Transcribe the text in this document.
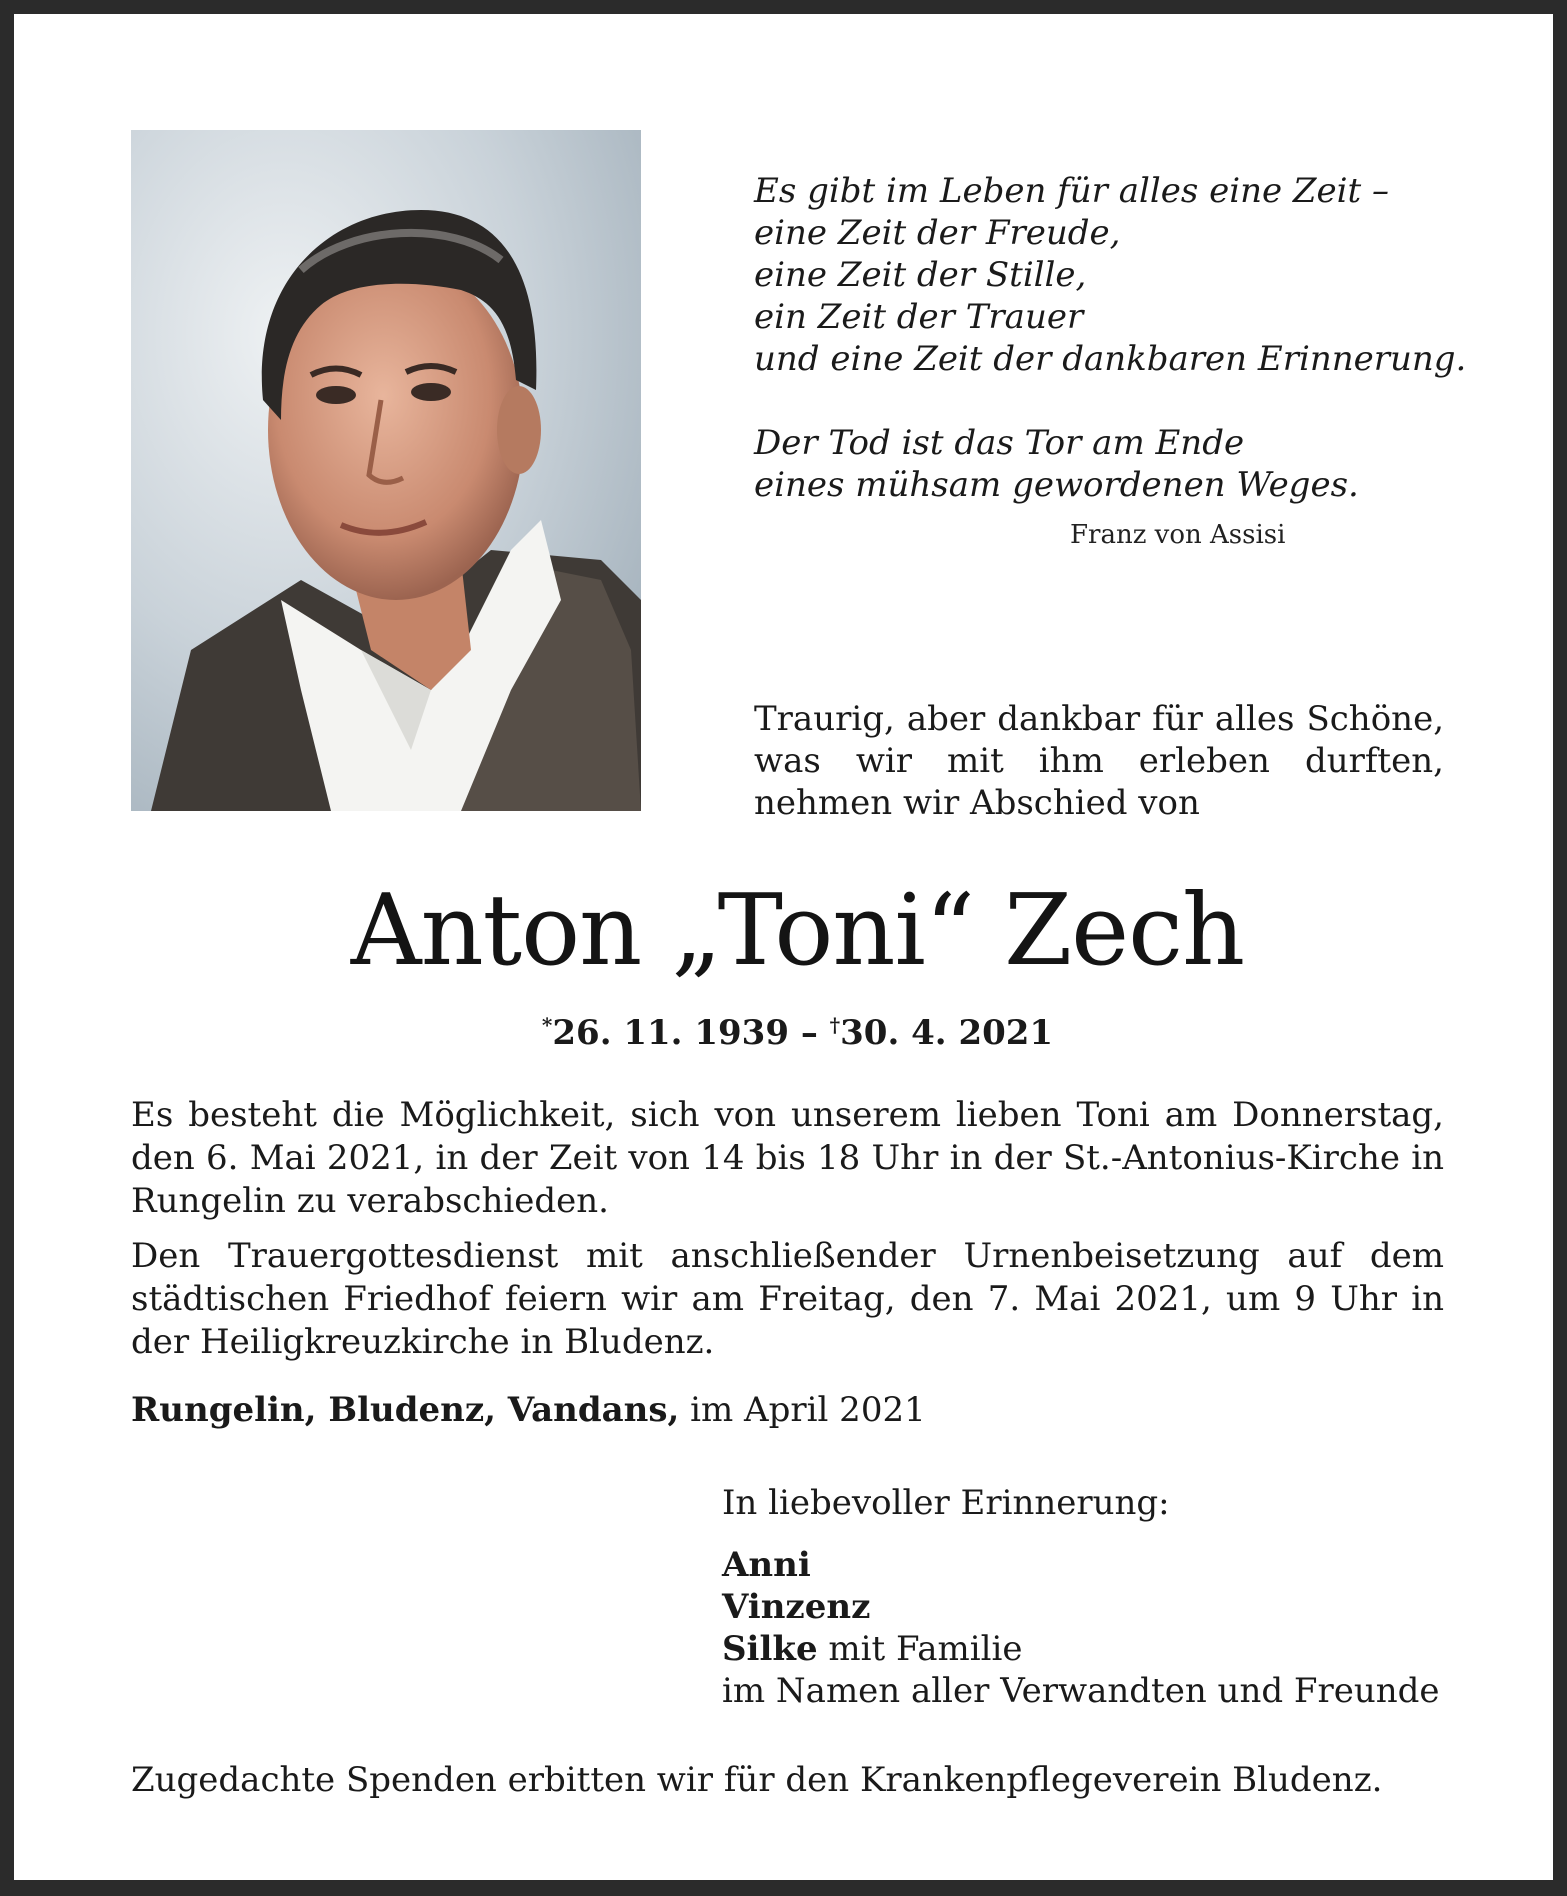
Es gibt im Leben für alles eine Zeit –
eine Zeit der Freude,
eine Zeit der Stille,
ein Zeit der Trauer
und eine Zeit der dankbaren Erinnerung.
Der Tod ist das Tor am Ende
eines mühsam gewordenen Weges.
Franz von Assisi
Traurig, aber dankbar für alles Schöne,
was wir mit ihm erleben durften,
nehmen wir Abschied von
Anton „Toni“ Zech
*26. 11. 1939 – †30. 4. 2021

Es besteht die Möglichkeit, sich von unserem lieben Toni am Donnerstag, den 6. Mai 2021, in der Zeit von 14 bis 18 Uhr in der St.-Antonius-Kirche in Rungelin zu verabschieden.

Den Trauergottesdienst mit anschließender Urnenbeisetzung auf dem städtischen Friedhof feiern wir am Freitag, den 7. Mai 2021, um 9 Uhr in der Heiligkreuzkirche in Bludenz.

Rungelin, Bludenz, Vandans, im April 2021
In liebevoller Erinnerung:
Anni
Vinzenz
Silke mit Familie
im Namen aller Verwandten und Freunde
Zugedachte Spenden erbitten wir für den Krankenpflegeverein Bludenz.
